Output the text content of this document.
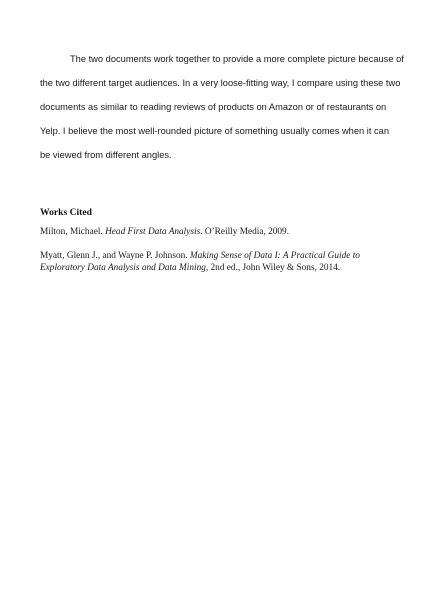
The two documents work together to provide a more complete picture because of
the two different target audiences. In a very loose-fitting way, I compare using these two
documents as similar to reading reviews of products on Amazon or of restaurants on
Yelp. I believe the most well-rounded picture of something usually comes when it can
be viewed from different angles.

Works Cited

Milton, Michael. Head First Data Analysis. O’Reilly Media, 2009.

Myatt, Glenn J., and Wayne P. Johnson. Making Sense of Data I: A Practical Guide to
Exploratory Data Analysis and Data Mining, 2nd ed., John Wiley & Sons, 2014.
